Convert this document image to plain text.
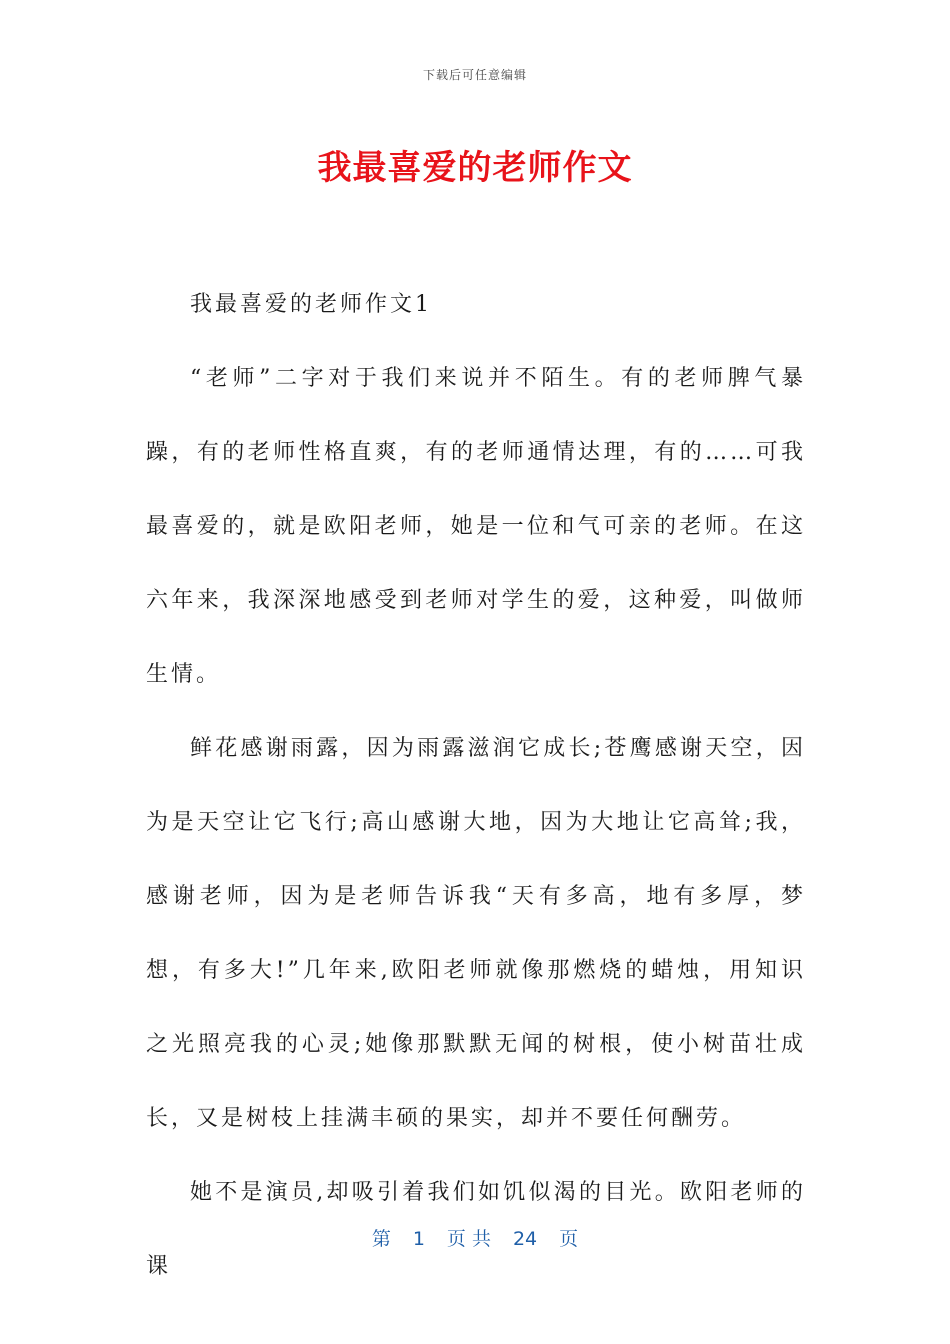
下载后可任意编辑
我最喜爱的老师作文

我最喜爱的老师作文1

“老师”二字对于我们来说并不陌生。有的老师脾气暴躁，有的老师性格直爽，有的老师通情达理，有的……可我最喜爱的，就是欧阳老师，她是一位和气可亲的老师。在这六年来，我深深地感受到老师对学生的爱，这种爱，叫做师生情。

鲜花感谢雨露，因为雨露滋润它成长;苍鹰感谢天空，因为是天空让它飞行;高山感谢大地，因为大地让它高耸;我，感谢老师，因为是老师告诉我“天有多高，地有多厚，梦想，有多大!”几年来,欧阳老师就像那燃烧的蜡烛，用知识之光照亮我的心灵;她像那默默无闻的树根，使小树苗壮成长，又是树枝上挂满丰硕的果实，却并不要任何酬劳。

她不是演员,却吸引着我们如饥似渴的目光。欧阳老师的课

第 1 页 共 24 页
